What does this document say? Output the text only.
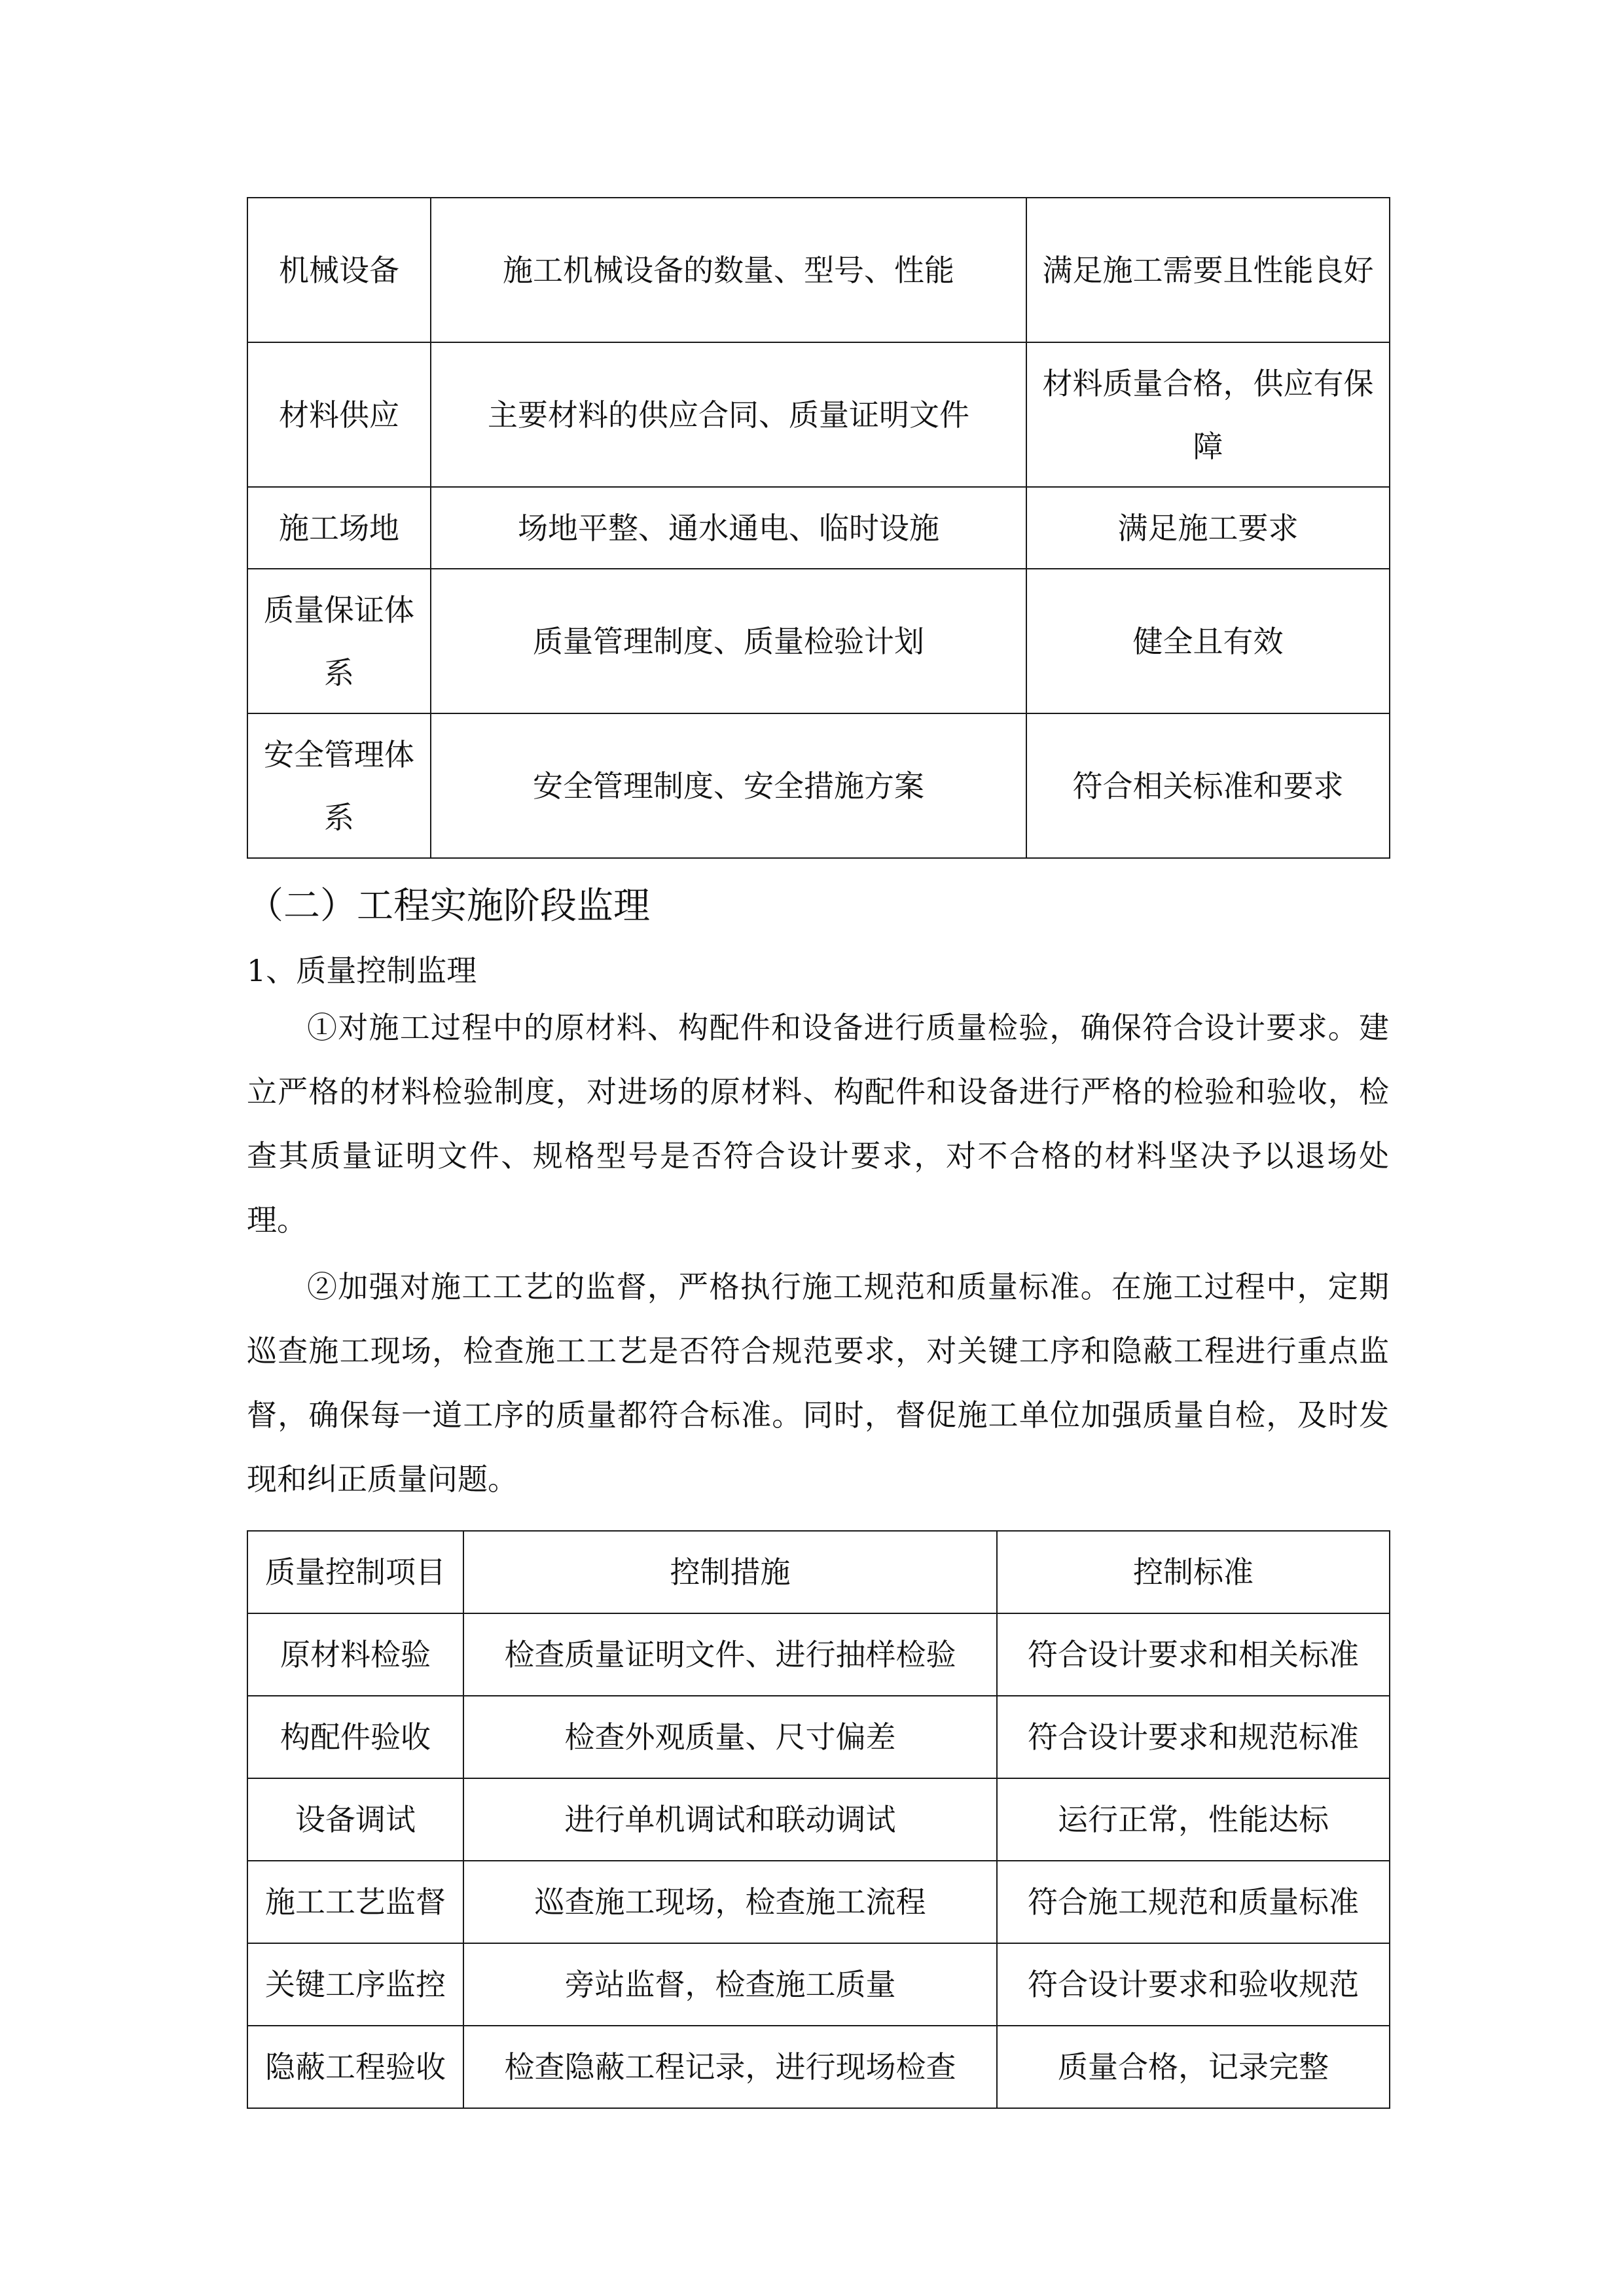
机械设备	施工机械设备的数量、型号、性能	满足施工需要且性能良好
材料供应	主要材料的供应合同、质量证明文件	材料质量合格，供应有保障
施工场地	场地平整、通水通电、临时设施	满足施工要求
质量保证体系	质量管理制度、质量检验计划	健全且有效
安全管理体系	安全管理制度、安全措施方案	符合相关标准和要求
（二）工程实施阶段监理
1、质量控制监理

①对施工过程中的原材料、构配件和设备进行质量检验，确保符合设计要求。建立严格的材料检验制度，对进场的原材料、构配件和设备进行严格的检验和验收，检查其质量证明文件、规格型号是否符合设计要求，对不合格的材料坚决予以退场处理。

②加强对施工工艺的监督，严格执行施工规范和质量标准。在施工过程中，定期巡查施工现场，检查施工工艺是否符合规范要求，对关键工序和隐蔽工程进行重点监督，确保每一道工序的质量都符合标准。同时，督促施工单位加强质量自检，及时发现和纠正质量问题。

质量控制项目	控制措施	控制标准
原材料检验	检查质量证明文件、进行抽样检验	符合设计要求和相关标准
构配件验收	检查外观质量、尺寸偏差	符合设计要求和规范标准
设备调试	进行单机调试和联动调试	运行正常，性能达标
施工工艺监督	巡查施工现场，检查施工流程	符合施工规范和质量标准
关键工序监控	旁站监督，检查施工质量	符合设计要求和验收规范
隐蔽工程验收	检查隐蔽工程记录，进行现场检查	质量合格，记录完整
